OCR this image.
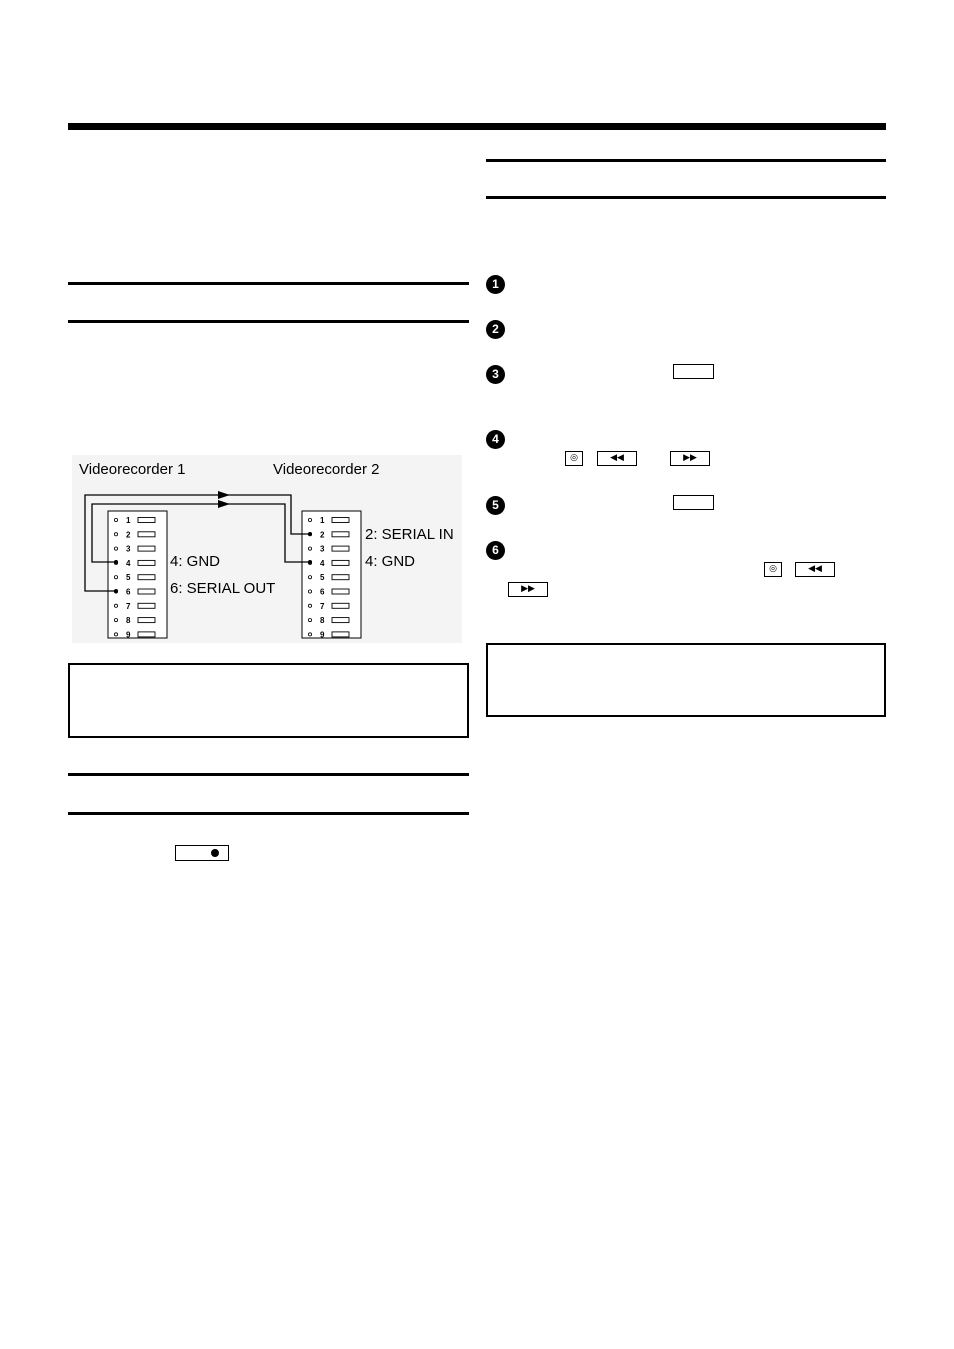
1
2
3
4
5
6
7
8
9
1
2
3
4
5
6
7
8
9
Videorecorder 1	Videorecorder 2
4: GND
6: SERIAL OUT
2: SERIAL IN
4: GND
1
2
3
4
5
6
◎	◀◀	▶▶
◎	◀◀
▶▶
